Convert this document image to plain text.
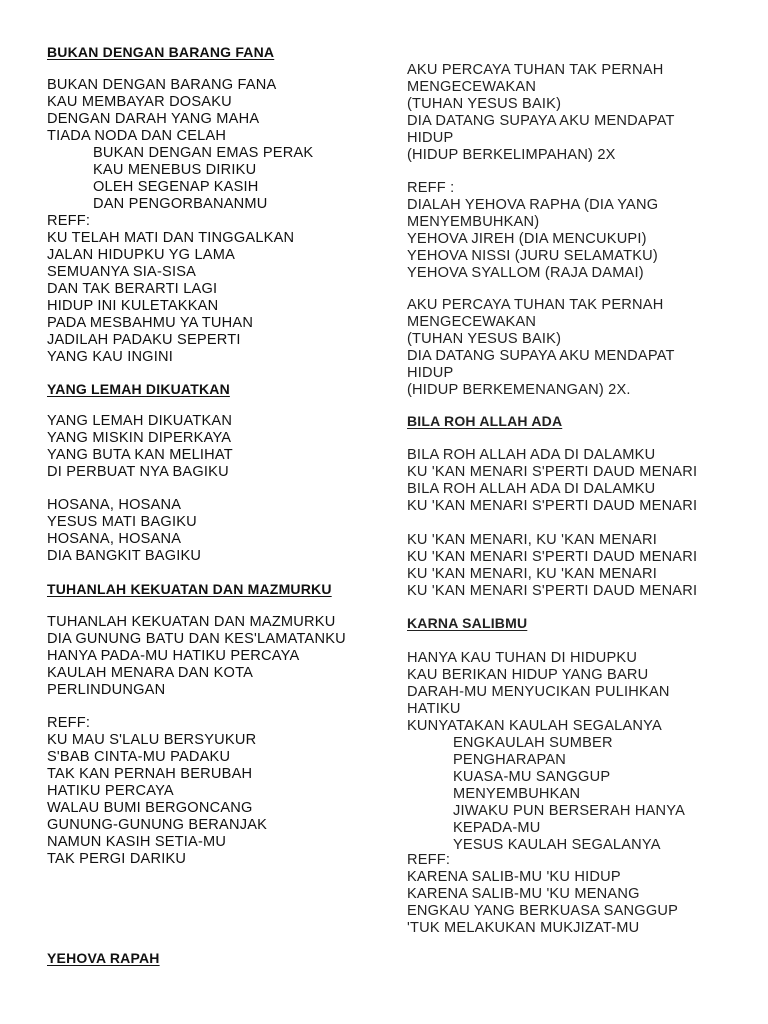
BUKAN DENGAN BARANG FANA
BUKAN DENGAN BARANG FANA
KAU MEMBAYAR DOSAKU
DENGAN DARAH YANG MAHA
TIADA NODA DAN CELAH
BUKAN DENGAN EMAS PERAK
KAU MENEBUS DIRIKU
OLEH SEGENAP KASIH
DAN PENGORBANANMU
REFF:
KU TELAH MATI DAN TINGGALKAN
JALAN HIDUPKU YG LAMA
SEMUANYA SIA-SISA
DAN TAK BERARTI LAGI
HIDUP INI KULETAKKAN
PADA MESBAHMU YA TUHAN
JADILAH PADAKU SEPERTI
YANG KAU INGINI
YANG LEMAH DIKUATKAN
YANG LEMAH DIKUATKAN
YANG MISKIN DIPERKAYA
YANG BUTA KAN MELIHAT
DI PERBUAT NYA BAGIKU
HOSANA, HOSANA
YESUS MATI BAGIKU
HOSANA, HOSANA
DIA BANGKIT BAGIKU
TUHANLAH KEKUATAN DAN MAZMURKU
TUHANLAH KEKUATAN DAN MAZMURKU
DIA GUNUNG BATU DAN KES'LAMATANKU
HANYA PADA-MU HATIKU PERCAYA
KAULAH MENARA DAN KOTA
PERLINDUNGAN
REFF:
KU MAU S'LALU BERSYUKUR
S'BAB CINTA-MU PADAKU
TAK KAN PERNAH BERUBAH
HATIKU PERCAYA
WALAU BUMI BERGONCANG
GUNUNG-GUNUNG BERANJAK
NAMUN KASIH SETIA-MU
TAK PERGI DARIKU
YEHOVA RAPAH
AKU PERCAYA TUHAN TAK PERNAH
MENGECEWAKAN
(TUHAN YESUS BAIK)
DIA DATANG SUPAYA AKU MENDAPAT
HIDUP
(HIDUP BERKELIMPAHAN) 2X
REFF :
DIALAH YEHOVA RAPHA (DIA YANG
MENYEMBUHKAN)
YEHOVA JIREH (DIA MENCUKUPI)
YEHOVA NISSI (JURU SELAMATKU)
YEHOVA SYALLOM (RAJA DAMAI)
AKU PERCAYA TUHAN TAK PERNAH
MENGECEWAKAN
(TUHAN YESUS BAIK)
DIA DATANG SUPAYA AKU MENDAPAT
HIDUP
(HIDUP BERKEMENANGAN) 2X.
BILA ROH ALLAH ADA
BILA ROH ALLAH ADA DI DALAMKU
KU 'KAN MENARI S'PERTI DAUD MENARI
BILA ROH ALLAH ADA DI DALAMKU
KU 'KAN MENARI S'PERTI DAUD MENARI
KU 'KAN MENARI, KU 'KAN MENARI
KU 'KAN MENARI S'PERTI DAUD MENARI
KU 'KAN MENARI, KU 'KAN MENARI
KU 'KAN MENARI S'PERTI DAUD MENARI
KARNA SALIBMU
HANYA KAU TUHAN DI HIDUPKU
KAU BERIKAN HIDUP YANG BARU
DARAH-MU MENYUCIKAN PULIHKAN
HATIKU
KUNYATAKAN KAULAH SEGALANYA
ENGKAULAH SUMBER
PENGHARAPAN
KUASA-MU SANGGUP
MENYEMBUHKAN
JIWAKU PUN BERSERAH HANYA
KEPADA-MU
YESUS KAULAH SEGALANYA
REFF:
KARENA SALIB-MU 'KU HIDUP
KARENA SALIB-MU 'KU MENANG
ENGKAU YANG BERKUASA SANGGUP
'TUK MELAKUKAN MUKJIZAT-MU
